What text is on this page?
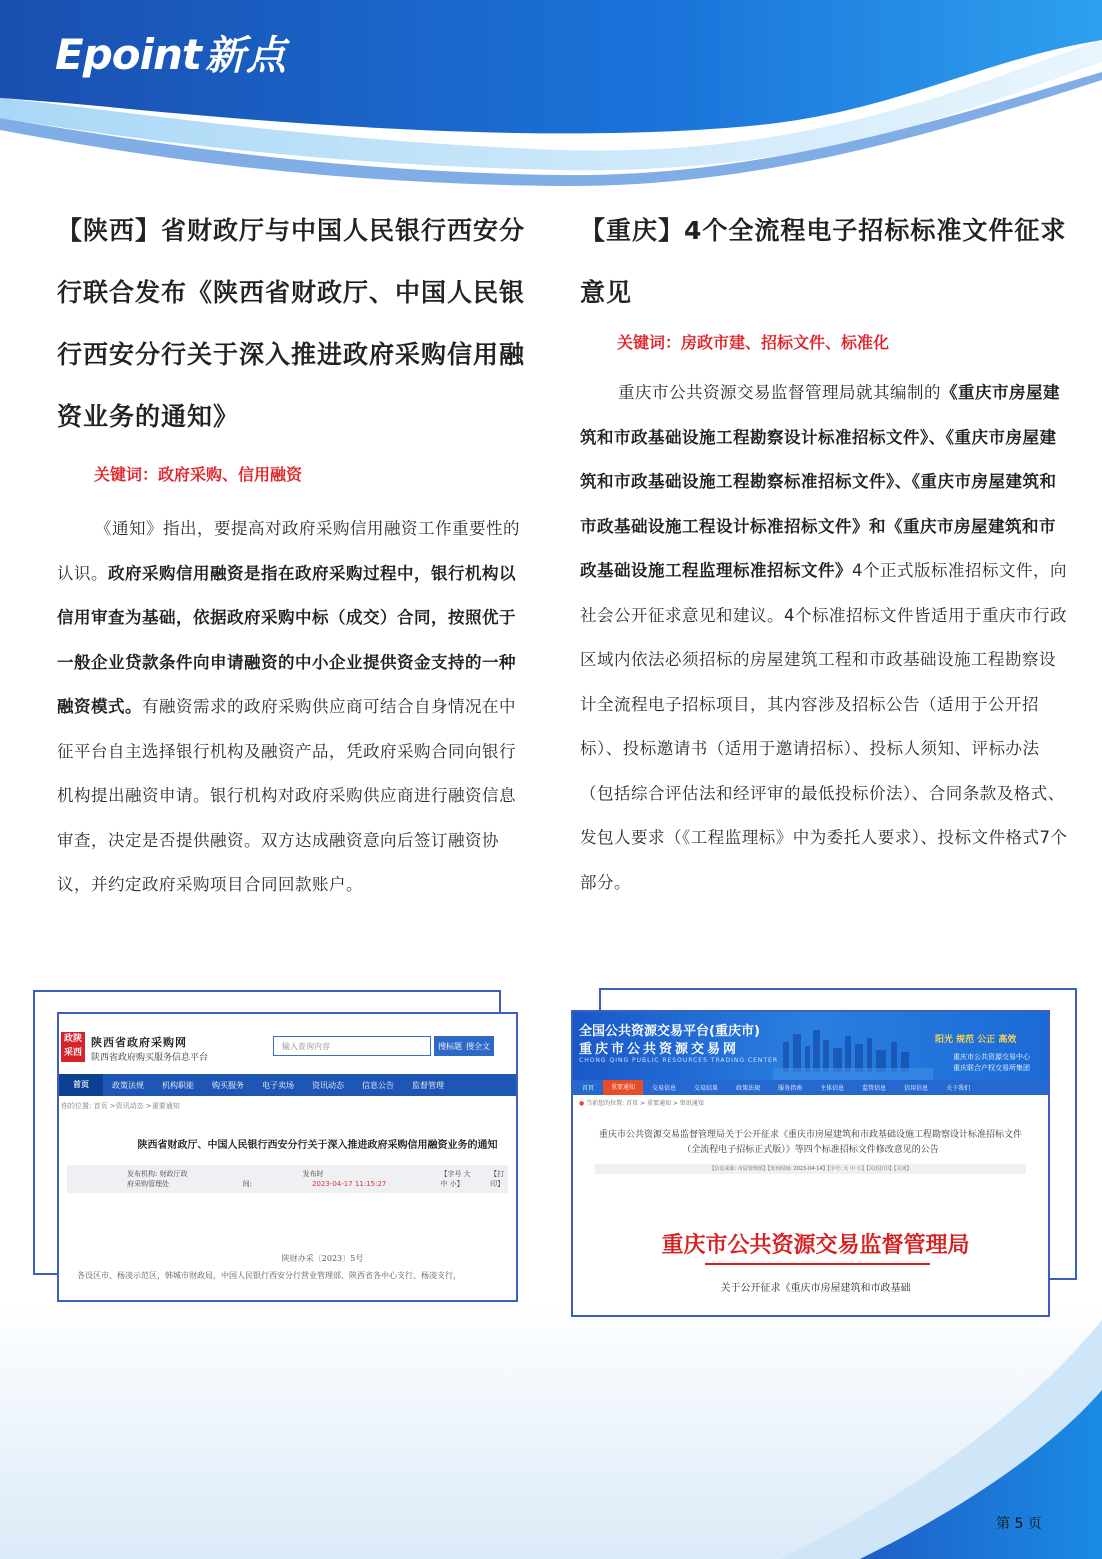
Epoint 新点
【陕西】省财政厅与中国人民银行西安分行联合发布《陕西省财政厅、中国人民银行西安分行关于深入推进政府采购信用融资业务的通知》
关键词：政府采购、信用融资

《通知》指出，要提高对政府采购信用融资工作重要性的认识。政府采购信用融资是指在政府采购过程中，银行机构以信用审查为基础，依据政府采购中标（成交）合同，按照优于一般企业贷款条件向申请融资的中小企业提供资金支持的一种融资模式。有融资需求的政府采购供应商可结合自身情况在中征平台自主选择银行机构及融资产品，凭政府采购合同向银行机构提出融资申请。银行机构对政府采购供应商进行融资信息审查，决定是否提供融资。双方达成融资意向后签订融资协议，并约定政府采购项目合同回款账户。

【重庆】4个全流程电子招标标准文件征求意见
关键词：房政市建、招标文件、标准化

重庆市公共资源交易监督管理局就其编制的《重庆市房屋建筑和市政基础设施工程勘察设计标准招标文件》、《重庆市房屋建筑和市政基础设施工程勘察标准招标文件》、《重庆市房屋建筑和市政基础设施工程设计标准招标文件》和《重庆市房屋建筑和市政基础设施工程监理标准招标文件》4个正式版标准招标文件，向社会公开征求意见和建议。4个标准招标文件皆适用于重庆市行政区域内依法必须招标的房屋建筑工程和市政基础设施工程勘察设计全流程电子招标项目，其内容涉及招标公告（适用于公开招标）、投标邀请书（适用于邀请招标）、投标人须知、评标办法（包括综合评估法和经评审的最低投标价法）、合同条款及格式、发包人要求（《工程监理标》中为委托人要求）、投标文件格式7个部分。

政陕采西
陕西省政府采购网
陕西省政府购买服务信息平台
输入查询内容	搜标题 搜全文
首页	政策法规	机构职能	购买服务	电子卖场	资讯动态	信息公告	监督管理
你的位置: 首页 >资讯动态 >重要通知
陕西省财政厅、中国人民银行西安分行关于深入推进政府采购信用融资业务的通知
发布机构: 财政厅政府采购管理处
发布时间:	2023-04-17 11:15:27
【字号 大 中 小】
【打印】
陕财办采〔2023〕5号
各设区市、杨凌示范区，韩城市财政局，中国人民银行西安分行营业管理部、陕西省各中心支行、杨凌支行，
全国公共资源交易平台(重庆市)
重庆市公共资源交易网
CHONG QING PUBLIC RESOURCES TRADING CENTER
阳光 规范 公正 高效
重庆市公共资源交易中心
重庆联合产权交易所集团
首页	重要通知	交易信息	交易结果	政策法规	服务指南	主体信息	监管信息	信用信息	关于我们
● 当前您的位置: 首页 > 重要通知 > 资讯通知
重庆市公共资源交易监督管理局关于公开征求《重庆市房屋建筑和市政基础设施工程勘察设计标准招标文件（全流程电子招标正式版）》等四个标准招标文件修改意见的公告
【信息来源: 市局管理部】【发布时间: 2023-04-14】【字号: 大 中 小】【关闭打印】【关闭】
重庆市公共资源交易监督管理局
关于公开征求《重庆市房屋建筑和市政基础
第 5 页
